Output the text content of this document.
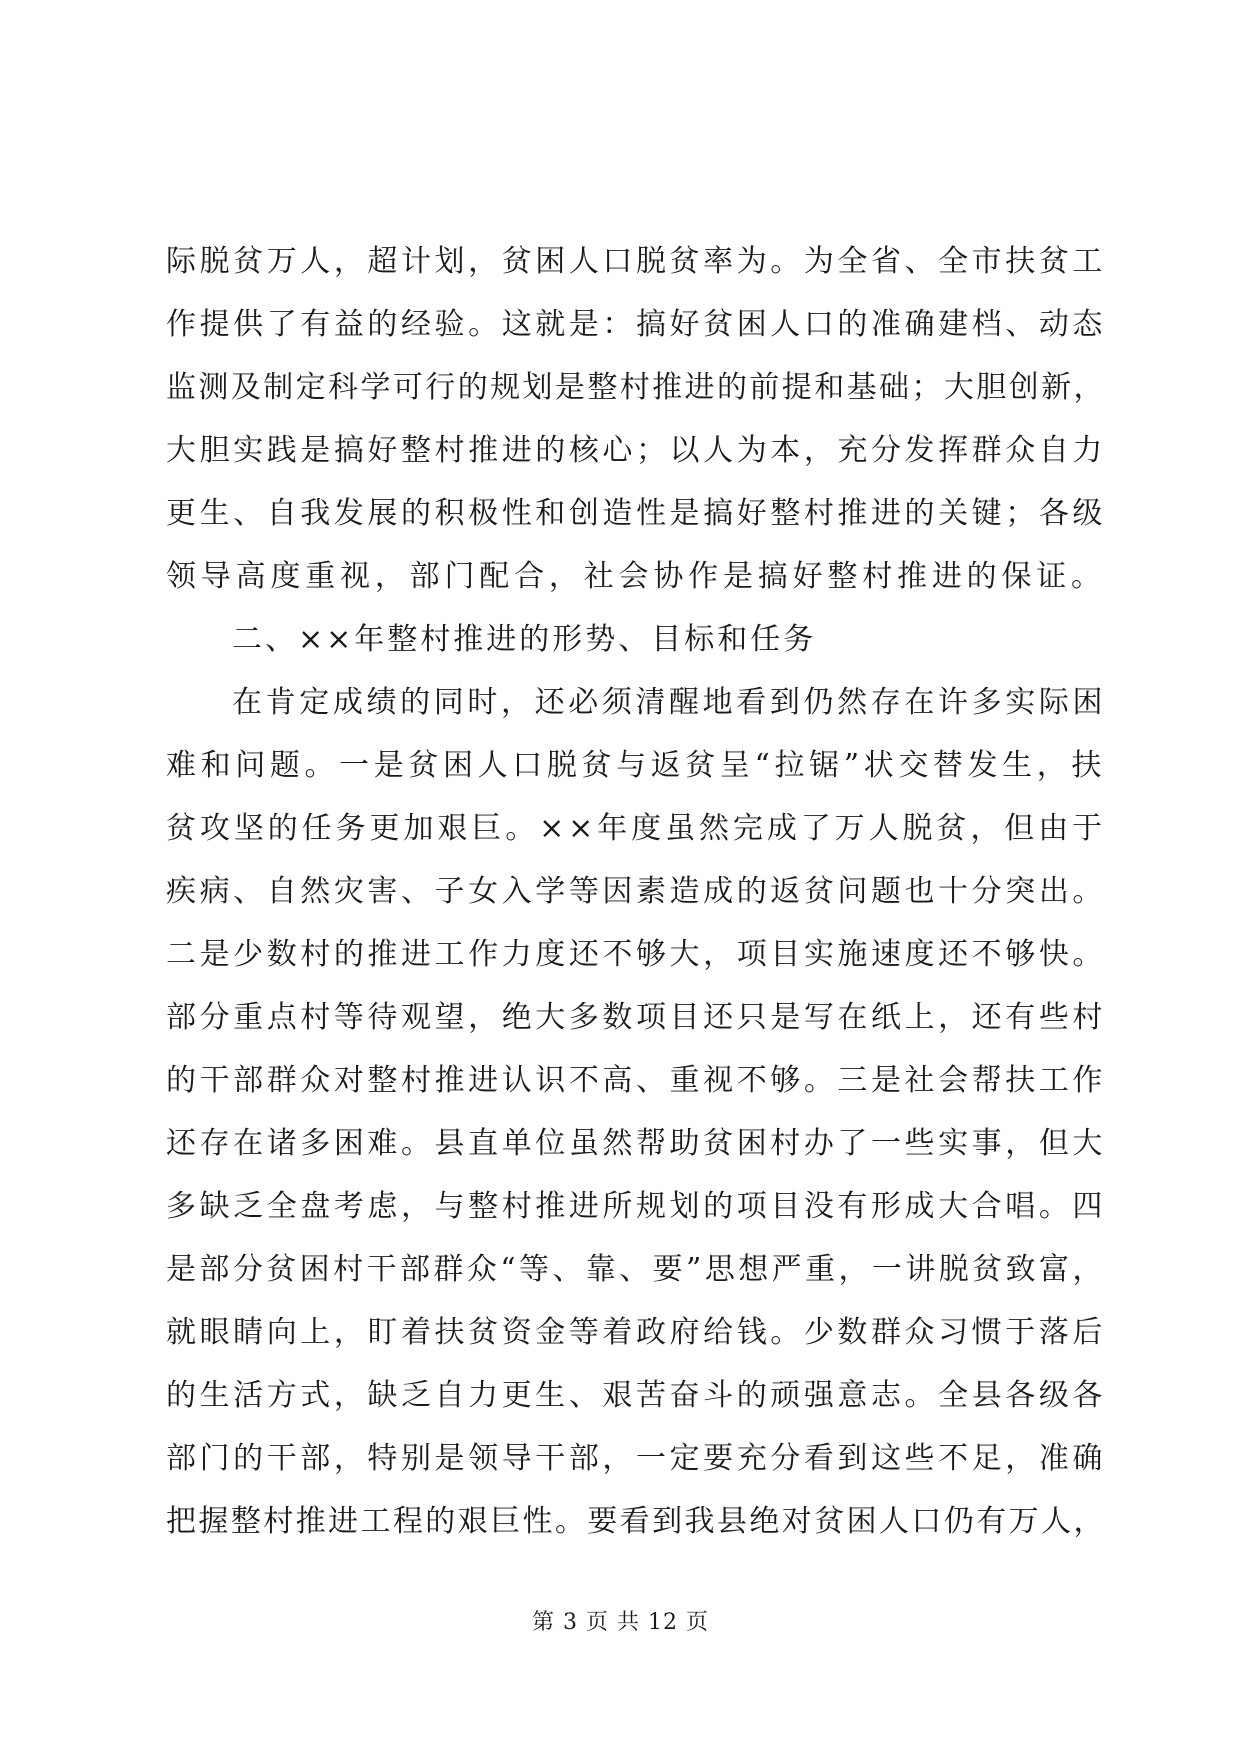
际脱贫万人，超计划，贫困人口脱贫率为。为全省、全市扶贫工
作提供了有益的经验。这就是：搞好贫困人口的准确建档、动态
监测及制定科学可行的规划是整村推进的前提和基础；大胆创新，
大胆实践是搞好整村推进的核心；以人为本，充分发挥群众自力
更生、自我发展的积极性和创造性是搞好整村推进的关键；各级
领导高度重视，部门配合，社会协作是搞好整村推进的保证。
二、××年整村推进的形势、目标和任务
在肯定成绩的同时，还必须清醒地看到仍然存在许多实际困
难和问题。一是贫困人口脱贫与返贫呈“拉锯”状交替发生，扶
贫攻坚的任务更加艰巨。××年度虽然完成了万人脱贫，但由于
疾病、自然灾害、子女入学等因素造成的返贫问题也十分突出。
二是少数村的推进工作力度还不够大，项目实施速度还不够快。
部分重点村等待观望，绝大多数项目还只是写在纸上，还有些村
的干部群众对整村推进认识不高、重视不够。三是社会帮扶工作
还存在诸多困难。县直单位虽然帮助贫困村办了一些实事，但大
多缺乏全盘考虑，与整村推进所规划的项目没有形成大合唱。四
是部分贫困村干部群众“等、靠、要”思想严重，一讲脱贫致富，
就眼睛向上，盯着扶贫资金等着政府给钱。少数群众习惯于落后
的生活方式，缺乏自力更生、艰苦奋斗的顽强意志。全县各级各
部门的干部，特别是领导干部，一定要充分看到这些不足，准确
把握整村推进工程的艰巨性。要看到我县绝对贫困人口仍有万人，
第 3 页 共 12 页
